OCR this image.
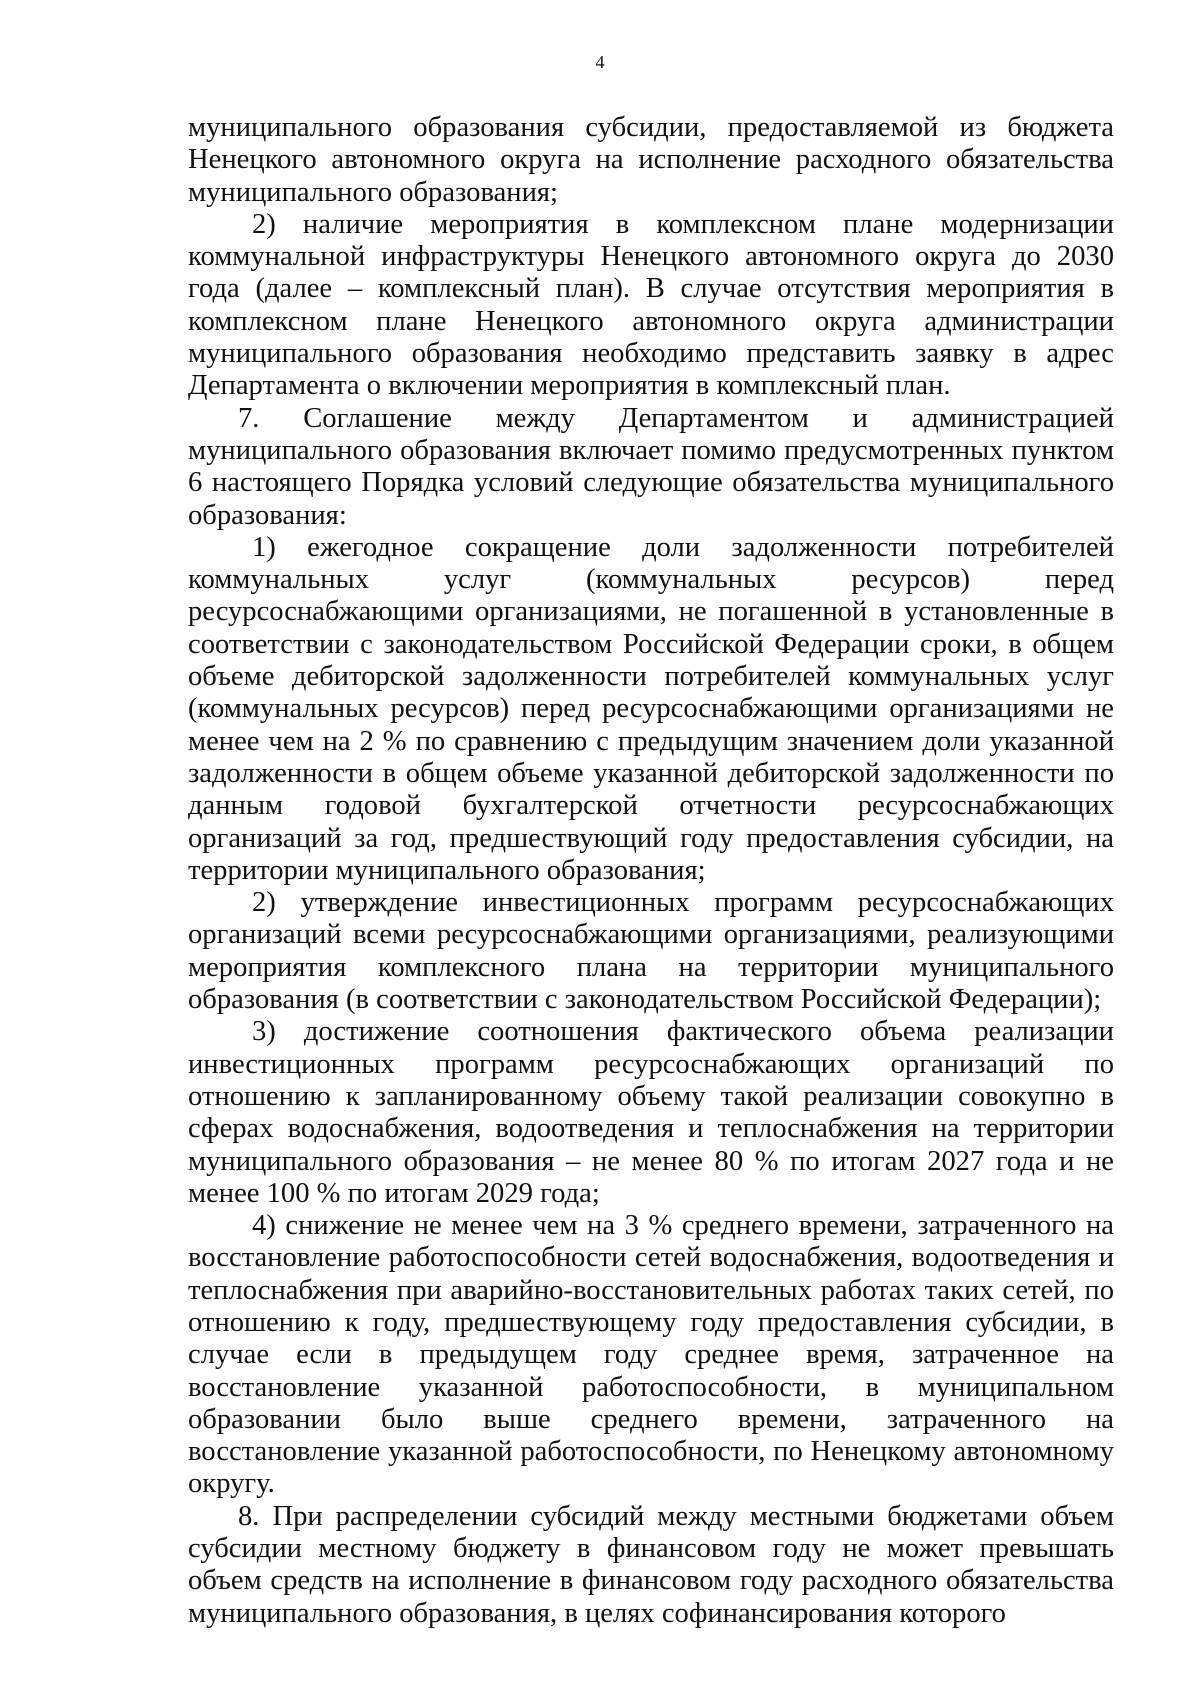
4

муниципального образования субсидии, предоставляемой из бюджета Ненецкого автономного округа на исполнение расходного обязательства муниципального образования;

2) наличие мероприятия в комплексном плане модернизации коммунальной инфраструктуры Ненецкого автономного округа до 2030 года (далее – комплексный план). В случае отсутствия мероприятия в комплексном плане Ненецкого автономного округа администрации муниципального образования необходимо представить заявку в адрес Департамента о включении мероприятия в комплексный план.

7. Соглашение между Департаментом и администрацией муниципального образования включает помимо предусмотренных пунктом 6 настоящего Порядка условий следующие обязательства муниципального образования:

1) ежегодное сокращение доли задолженности потребителей коммунальных услуг (коммунальных ресурсов) перед ресурсоснабжающими организациями, не погашенной в установленные в соответствии с законодательством Российской Федерации сроки, в общем объеме дебиторской задолженности потребителей коммунальных услуг (коммунальных ресурсов) перед ресурсоснабжающими организациями не менее чем на 2 % по сравнению с предыдущим значением доли указанной задолженности в общем объеме указанной дебиторской задолженности по данным годовой бухгалтерской отчетности ресурсоснабжающих организаций за год, предшествующий году предоставления субсидии, на территории муниципального образования;

2) утверждение инвестиционных программ ресурсоснабжающих организаций всеми ресурсоснабжающими организациями, реализующими мероприятия комплексного плана на территории муниципального образования (в соответствии с законодательством Российской Федерации);

3) достижение соотношения фактического объема реализации инвестиционных программ ресурсоснабжающих организаций по отношению к запланированному объему такой реализации совокупно в сферах водоснабжения, водоотведения и теплоснабжения на территории муниципального образования – не менее 80 % по итогам 2027 года и не менее 100 % по итогам 2029 года;

4) снижение не менее чем на 3 % среднего времени, затраченного на восстановление работоспособности сетей водоснабжения, водоотведения и теплоснабжения при аварийно-восстановительных работах таких сетей, по отношению к году, предшествующему году предоставления субсидии, в случае если в предыдущем году среднее время, затраченное на восстановление указанной работоспособности, в муниципальном образовании было выше среднего времени, затраченного на восстановление указанной работоспособности, по Ненецкому автономному округу.

8. При распределении субсидий между местными бюджетами объем субсидии местному бюджету в финансовом году не может превышать объем средств на исполнение в финансовом году расходного обязательства муниципального образования, в целях софинансирования которого
